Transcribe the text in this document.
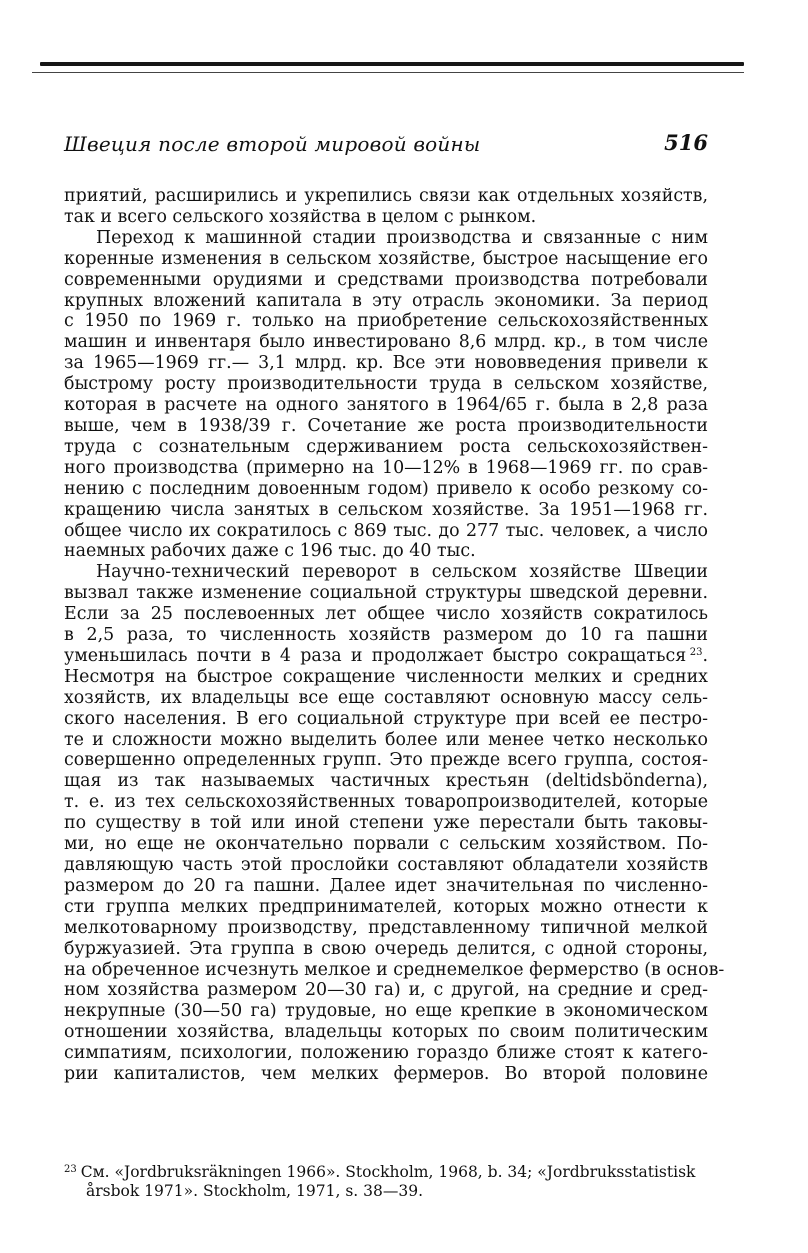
Швеция после второй мировой войны	516
приятий, расширились и укрепились связи как отдельных хозяйств,
так и всего сельского хозяйства в целом с рынком.
Переход к машинной стадии производства и связанные с ним
коренные изменения в сельском хозяйстве, быстрое насыщение его
современными орудиями и средствами производства потребовали
крупных вложений капитала в эту отрасль экономики. За период
с 1950 по 1969 г. только на приобретение сельскохозяйственных
машин и инвентаря было инвестировано 8,6 млрд. кр., в том числе
за 1965—1969 гг.— 3,1 млрд. кр. Все эти нововведения привели к
быстрому росту производительности труда в сельском хозяйстве,
которая в расчете на одного занятого в 1964/65 г. была в 2,8 раза
выше, чем в 1938/39 г. Сочетание же роста производительности
труда с сознательным сдерживанием роста сельскохозяйствен-
ного производства (примерно на 10—12% в 1968—1969 гг. по срав-
нению с последним довоенным годом) привело к особо резкому со-
кращению числа занятых в сельском хозяйстве. За 1951—1968 гг.
общее число их сократилось с 869 тыс. до 277 тыс. человек, а число
наемных рабочих даже с 196 тыс. до 40 тыс.
Научно-технический переворот в сельском хозяйстве Швеции
вызвал также изменение социальной структуры шведской деревни.
Если за 25 послевоенных лет общее число хозяйств сократилось
в 2,5 раза, то численность хозяйств размером до 10 га пашни
уменьшилась почти в 4 раза и продолжает быстро сокращаться  $^{23}$.
Несмотря на быстрое сокращение численности мелких и средних
хозяйств, их владельцы все еще составляют основную массу сель-
ского населения. В его социальной структуре при всей ее пестро-
те и сложности можно выделить более или менее четко несколько
совершенно определенных групп. Это прежде всего группа, состоя-
щая из так называемых частичных крестьян (deltidsbönderna),
т. е. из тех сельскохозяйственных товаропроизводителей, которые
по существу в той или иной степени уже перестали быть таковы-
ми, но еще не окончательно порвали с сельским хозяйством. По-
давляющую часть этой прослойки составляют обладатели хозяйств
размером до 20 га пашни. Далее идет значительная по численно-
сти группа мелких предпринимателей, которых можно отнести к
мелкотоварному производству, представленному типичной мелкой
буржуазией. Эта группа в свою очередь делится, с одной стороны,
на обреченное исчезнуть мелкое и среднемелкое фермерство (в основ-
ном хозяйства размером 20—30 га) и, с другой, на средние и сред-
некрупные (30—50 га) трудовые, но еще крепкие в экономическом
отношении хозяйства, владельцы которых по своим политическим
симпатиям, психологии, положению гораздо ближе стоят к катего-
рии капиталистов, чем мелких фермеров. Во второй половине
$^{23}$ См. «Jordbruksräkningen 1966». Stockholm, 1968, b. 34; «Jordbruksstatistisk
årsbok 1971». Stockholm, 1971, s. 38—39.
